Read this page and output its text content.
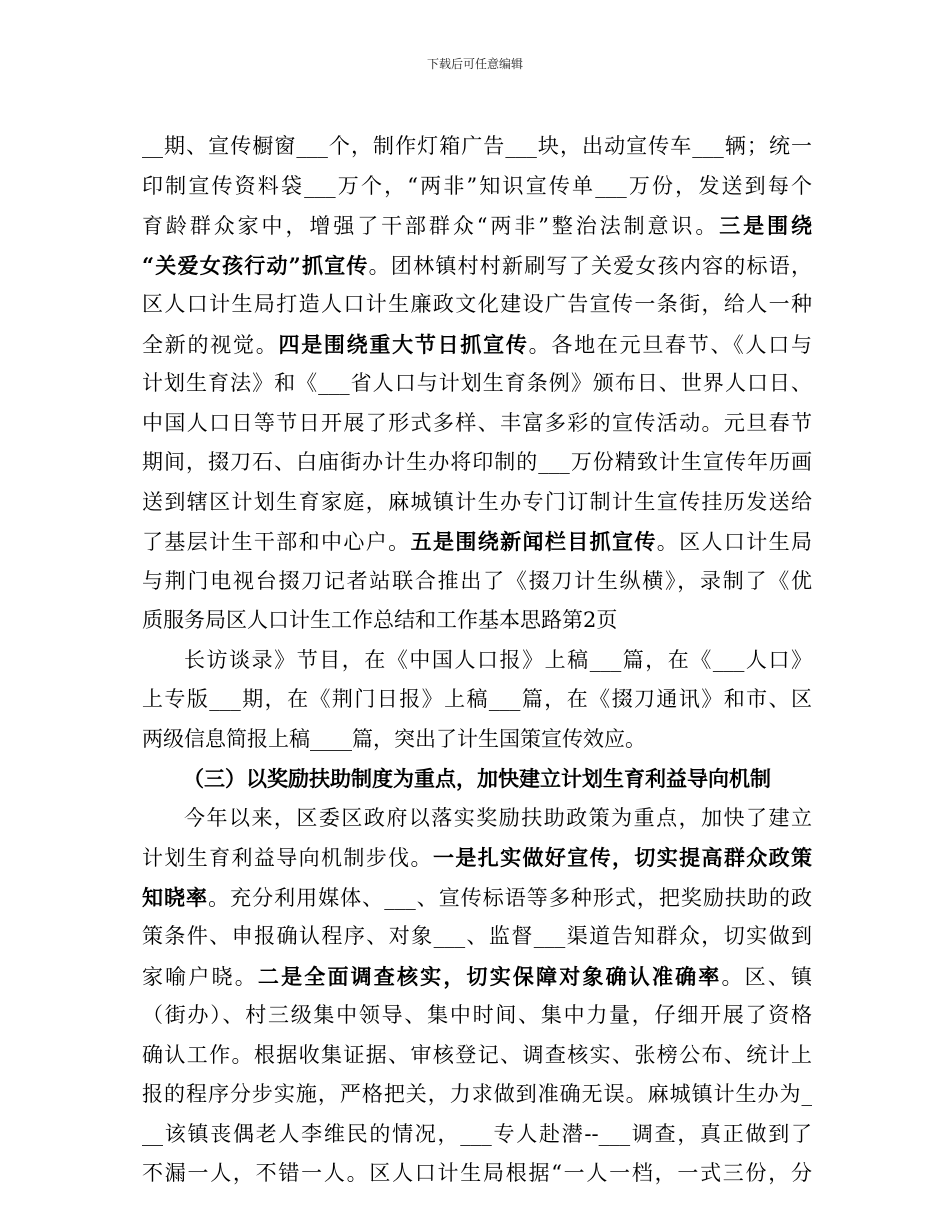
下载后可任意编辑
__期、宣传橱窗___个，制作灯箱广告___块，出动宣传车___辆；统一
印制宣传资料袋___万个，“两非”知识宣传单___万份，发送到每个
育龄群众家中，增强了干部群众“两非”整治法制意识。三是围绕
“关爱女孩行动”抓宣传。团林镇村村新刷写了关爱女孩内容的标语，
区人口计生局打造人口计生廉政文化建设广告宣传一条街，给人一种
全新的视觉。四是围绕重大节日抓宣传。各地在元旦春节、《人口与
计划生育法》和《___省人口与计划生育条例》颁布日、世界人口日、
中国人口日等节日开展了形式多样、丰富多彩的宣传活动。元旦春节
期间，掇刀石、白庙街办计生办将印制的___万份精致计生宣传年历画
送到辖区计划生育家庭，麻城镇计生办专门订制计生宣传挂历发送给
了基层计生干部和中心户。五是围绕新闻栏目抓宣传。区人口计生局
与荆门电视台掇刀记者站联合推出了《掇刀计生纵横》，录制了《优
质服务局区人口计生工作总结和工作基本思路第2页
长访谈录》节目，在《中国人口报》上稿___篇，在《___人口》
上专版___期，在《荆门日报》上稿___篇，在《掇刀通讯》和市、区
两级信息简报上稿____篇，突出了计生国策宣传效应。
（三）以奖励扶助制度为重点，加快建立计划生育利益导向机制
今年以来，区委区政府以落实奖励扶助政策为重点，加快了建立
计划生育利益导向机制步伐。一是扎实做好宣传，切实提高群众政策
知晓率。充分利用媒体、___、宣传标语等多种形式，把奖励扶助的政
策条件、申报确认程序、对象___、监督___渠道告知群众，切实做到
家喻户晓。二是全面调查核实，切实保障对象确认准确率。区、镇
（街办）、村三级集中领导、集中时间、集中力量，仔细开展了资格
确认工作。根据收集证据、审核登记、调查核实、张榜公布、统计上
报的程序分步实施，严格把关，力求做到准确无误。麻城镇计生办为_
__该镇丧偶老人李维民的情况，___专人赴潜--___调查，真正做到了
不漏一人，不错一人。区人口计生局根据“一人一档，一式三份，分
